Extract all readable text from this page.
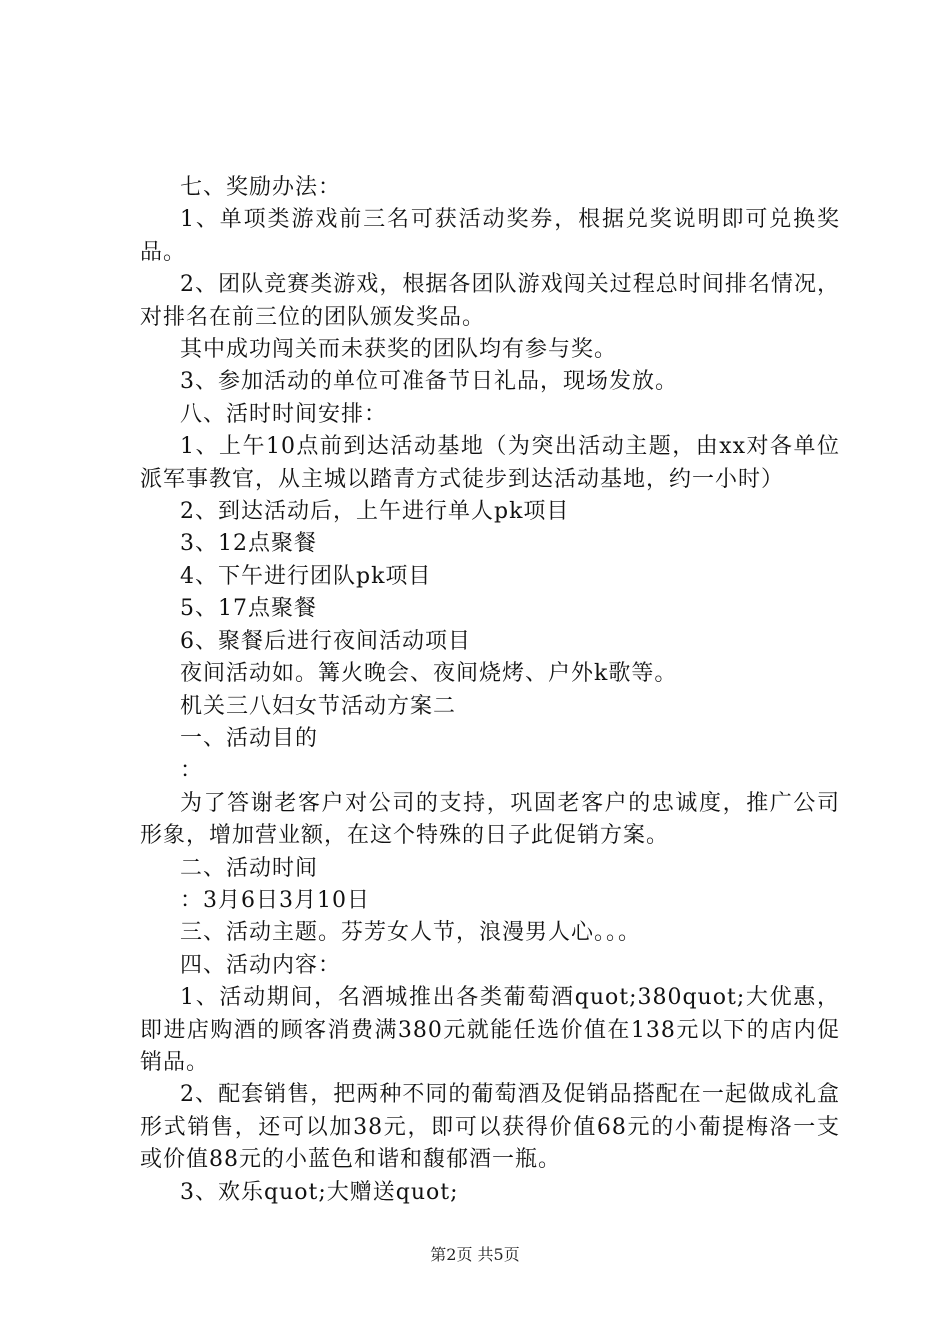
七、奖励办法：

1、单项类游戏前三名可获活动奖券，根据兑奖说明即可兑换奖品。

2、团队竞赛类游戏，根据各团队游戏闯关过程总时间排名情况，对排名在前三位的团队颁发奖品。

其中成功闯关而未获奖的团队均有参与奖。

3、参加活动的单位可准备节日礼品，现场发放。

八、活时时间安排：

1、上午10点前到达活动基地（为突出活动主题，由xx对各单位派军事教官，从主城以踏青方式徒步到达活动基地，约一小时）

2、到达活动后，上午进行单人pk项目

3、12点聚餐

4、下午进行团队pk项目

5、17点聚餐

6、聚餐后进行夜间活动项目

夜间活动如。篝火晚会、夜间烧烤、户外k歌等。

机关三八妇女节活动方案二

一、活动目的

：

为了答谢老客户对公司的支持，巩固老客户的忠诚度，推广公司形象，增加营业额，在这个特殊的日子此促销方案。

二、活动时间

：3月6日3月10日

三、活动主题。芬芳女人节，浪漫男人心。。。

四、活动内容：

1、活动期间，名酒城推出各类葡萄酒quot;380quot;大优惠，即进店购酒的顾客消费满380元就能任选价值在138元以下的店内促销品。

2、配套销售，把两种不同的葡萄酒及促销品搭配在一起做成礼盒形式销售，还可以加38元，即可以获得价值68元的小葡提梅洛一支或价值88元的小蓝色和谐和馥郁酒一瓶。

3、欢乐quot;大赠送quot;

第2页 共5页
